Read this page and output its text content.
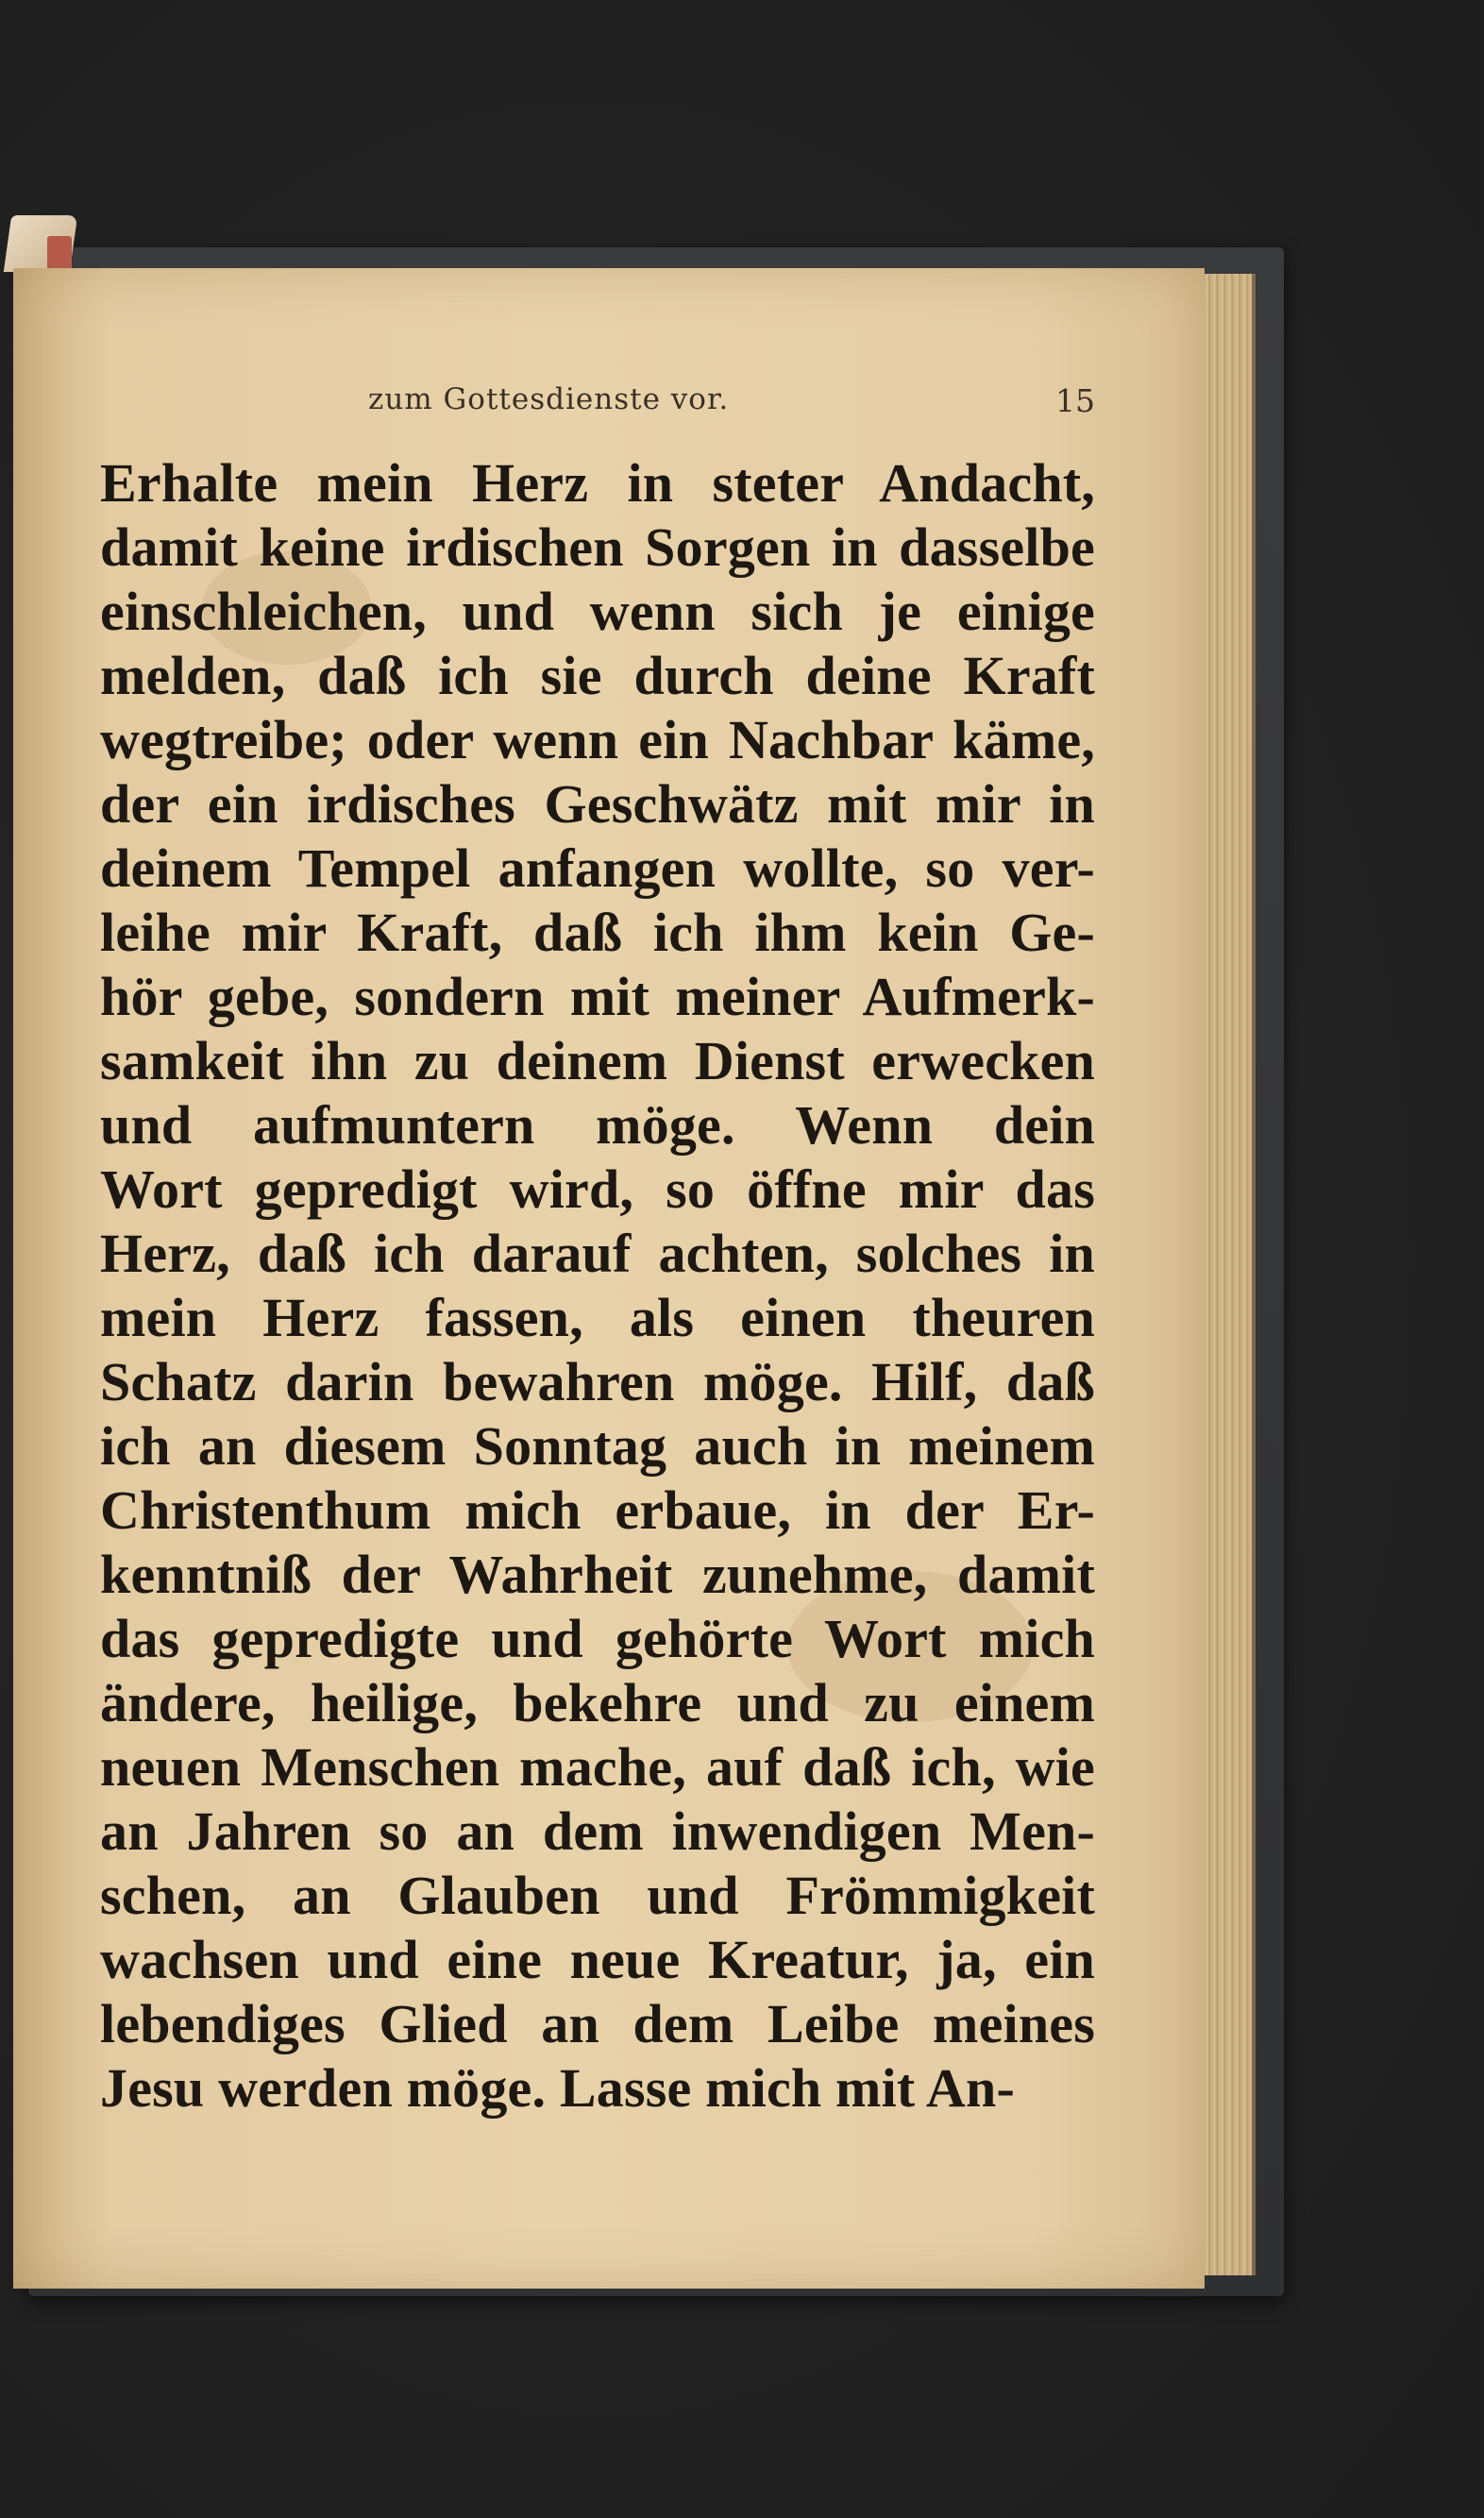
zum Gottesdienste vor.	15
Erhalte mein Herz in steter Andacht,
damit keine irdischen Sorgen in dasselbe
einschleichen, und wenn sich je einige
melden, daß ich sie durch deine Kraft
wegtreibe; oder wenn ein Nachbar käme,
der ein irdisches Geschwätz mit mir in
deinem Tempel anfangen wollte, so ver-
leihe mir Kraft, daß ich ihm kein Ge-
hör gebe, sondern mit meiner Aufmerk-
samkeit ihn zu deinem Dienst erwecken
und aufmuntern möge. Wenn dein
Wort gepredigt wird, so öffne mir das
Herz, daß ich darauf achten, solches in
mein Herz fassen, als einen theuren
Schatz darin bewahren möge. Hilf, daß
ich an diesem Sonntag auch in meinem
Christenthum mich erbaue, in der Er-
kenntniß der Wahrheit zunehme, damit
das gepredigte und gehörte Wort mich
ändere, heilige, bekehre und zu einem
neuen Menschen mache, auf daß ich, wie
an Jahren so an dem inwendigen Men-
schen, an Glauben und Frömmigkeit
wachsen und eine neue Kreatur, ja, ein
lebendiges Glied an dem Leibe meines
Jesu werden möge. Lasse mich mit An-
